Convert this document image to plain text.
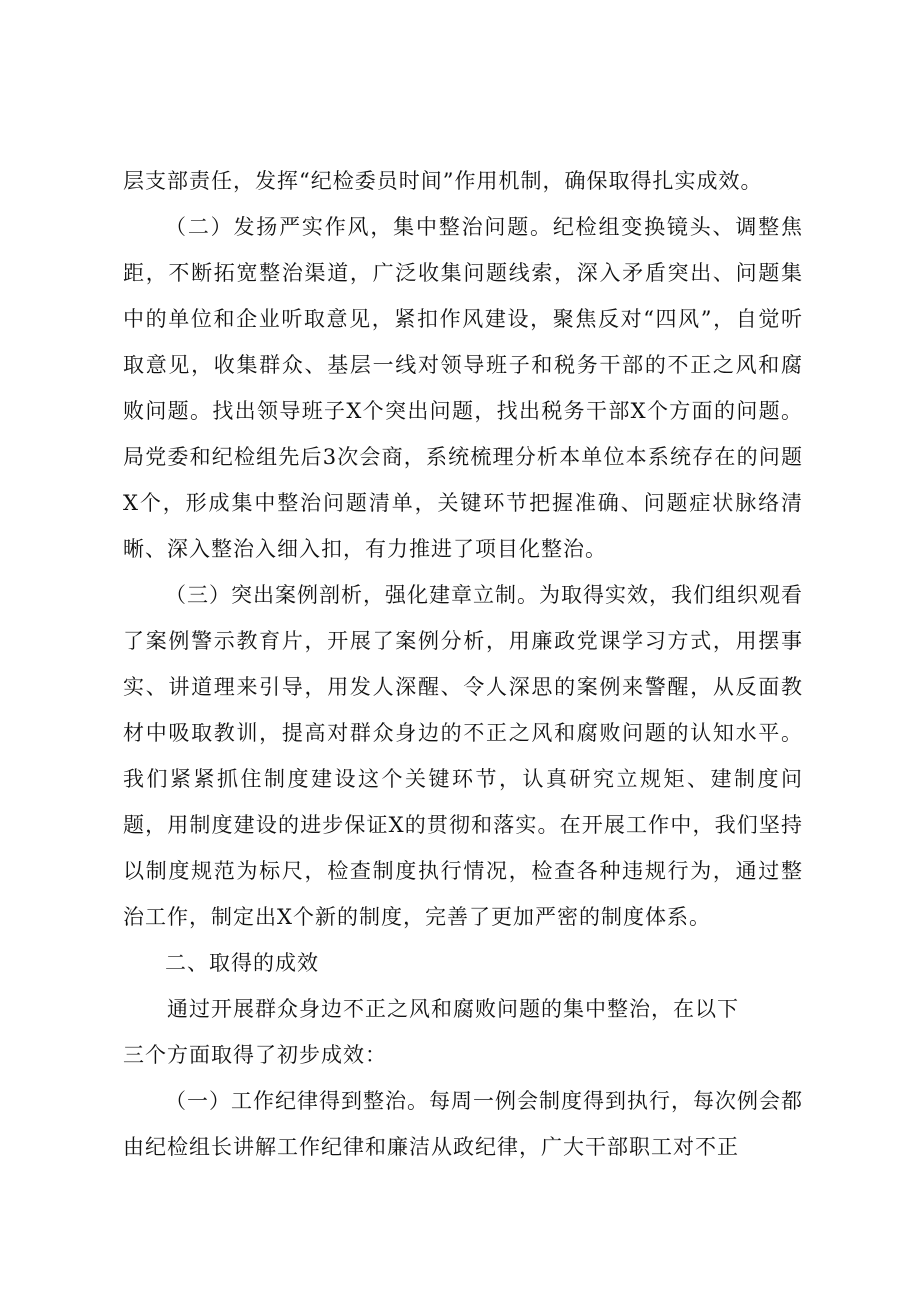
层支部责任，发挥“纪检委员时间”作用机制，确保取得扎实成效。

（二）发扬严实作风，集中整治问题。纪检组变换镜头、调整焦距，不断拓宽整治渠道，广泛收集问题线索，深入矛盾突出、问题集中的单位和企业听取意见，紧扣作风建设，聚焦反对“四风”，自觉听取意见，收集群众、基层一线对领导班子和税务干部的不正之风和腐败问题。找出领导班子X个突出问题，找出税务干部X个方面的问题。局党委和纪检组先后3次会商，系统梳理分析本单位本系统存在的问题X个，形成集中整治问题清单，关键环节把握准确、问题症状脉络清晰、深入整治入细入扣，有力推进了项目化整治。

（三）突出案例剖析，强化建章立制。为取得实效，我们组织观看了案例警示教育片，开展了案例分析，用廉政党课学习方式，用摆事实、讲道理来引导，用发人深醒、令人深思的案例来警醒，从反面教材中吸取教训，提高对群众身边的不正之风和腐败问题的认知水平。我们紧紧抓住制度建设这个关键环节，认真研究立规矩、建制度问题，用制度建设的进步保证X的贯彻和落实。在开展工作中，我们坚持以制度规范为标尺，检查制度执行情况，检查各种违规行为，通过整治工作，制定出X个新的制度，完善了更加严密的制度体系。

二、取得的成效

　　通过开展群众身边不正之风和腐败问题的集中整治，在以下
三个方面取得了初步成效：

（一）工作纪律得到整治。每周一例会制度得到执行，每次例会都由纪检组长讲解工作纪律和廉洁从政纪律，广大干部职工对不正
